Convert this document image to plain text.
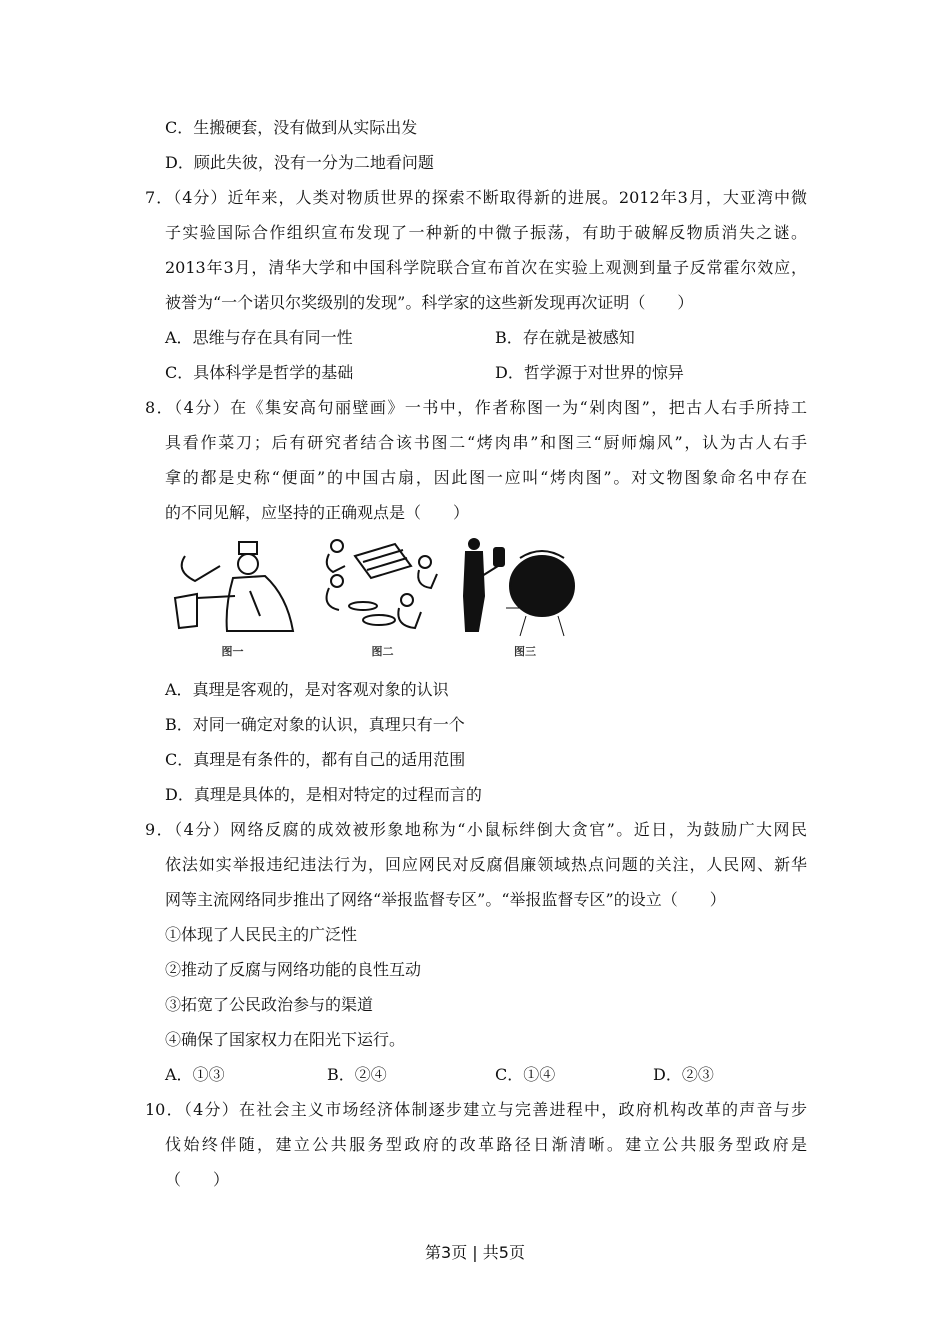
C．生搬硬套，没有做到从实际出发
D．顾此失彼，没有一分为二地看问题
7．（4分）近年来，人类对物质世界的探索不断取得新的进展。2012年3月，大亚湾中微
子实验国际合作组织宣布发现了一种新的中微子振荡，有助于破解反物质消失之谜。
2013年3月，清华大学和中国科学院联合宣布首次在实验上观测到量子反常霍尔效应，
被誉为“一个诺贝尔奖级别的发现”。科学家的这些新发现再次证明（　　）
A．思维与存在具有同一性	B．存在就是被感知
C．具体科学是哲学的基础	D．哲学源于对世界的惊异
8．（4分）在《集安高句丽壁画》一书中，作者称图一为“剁肉图”，把古人右手所持工
具看作菜刀；后有研究者结合该书图二“烤肉串”和图三“厨师煽风”，认为古人右手
拿的都是史称“便面”的中国古扇，因此图一应叫“烤肉图”。对文物图象命名中存在
的不同见解，应坚持的正确观点是（　　）
图一	图二	图三
A．真理是客观的，是对客观对象的认识
B．对同一确定对象的认识，真理只有一个
C．真理是有条件的，都有自己的适用范围
D．真理是具体的，是相对特定的过程而言的
9．（4分）网络反腐的成效被形象地称为“小鼠标绊倒大贪官”。近日，为鼓励广大网民
依法如实举报违纪违法行为，回应网民对反腐倡廉领域热点问题的关注，人民网、新华
网等主流网络同步推出了网络“举报监督专区”。“举报监督专区”的设立（　　）
①体现了人民民主的广泛性
②推动了反腐与网络功能的良性互动
③拓宽了公民政治参与的渠道
④确保了国家权力在阳光下运行。
A．①③	B．②④	C．①④	D．②③
10．（4分）在社会主义市场经济体制逐步建立与完善进程中，政府机构改革的声音与步
伐始终伴随，建立公共服务型政府的改革路径日渐清晰。建立公共服务型政府是
（　　）
第3页 | 共5页
